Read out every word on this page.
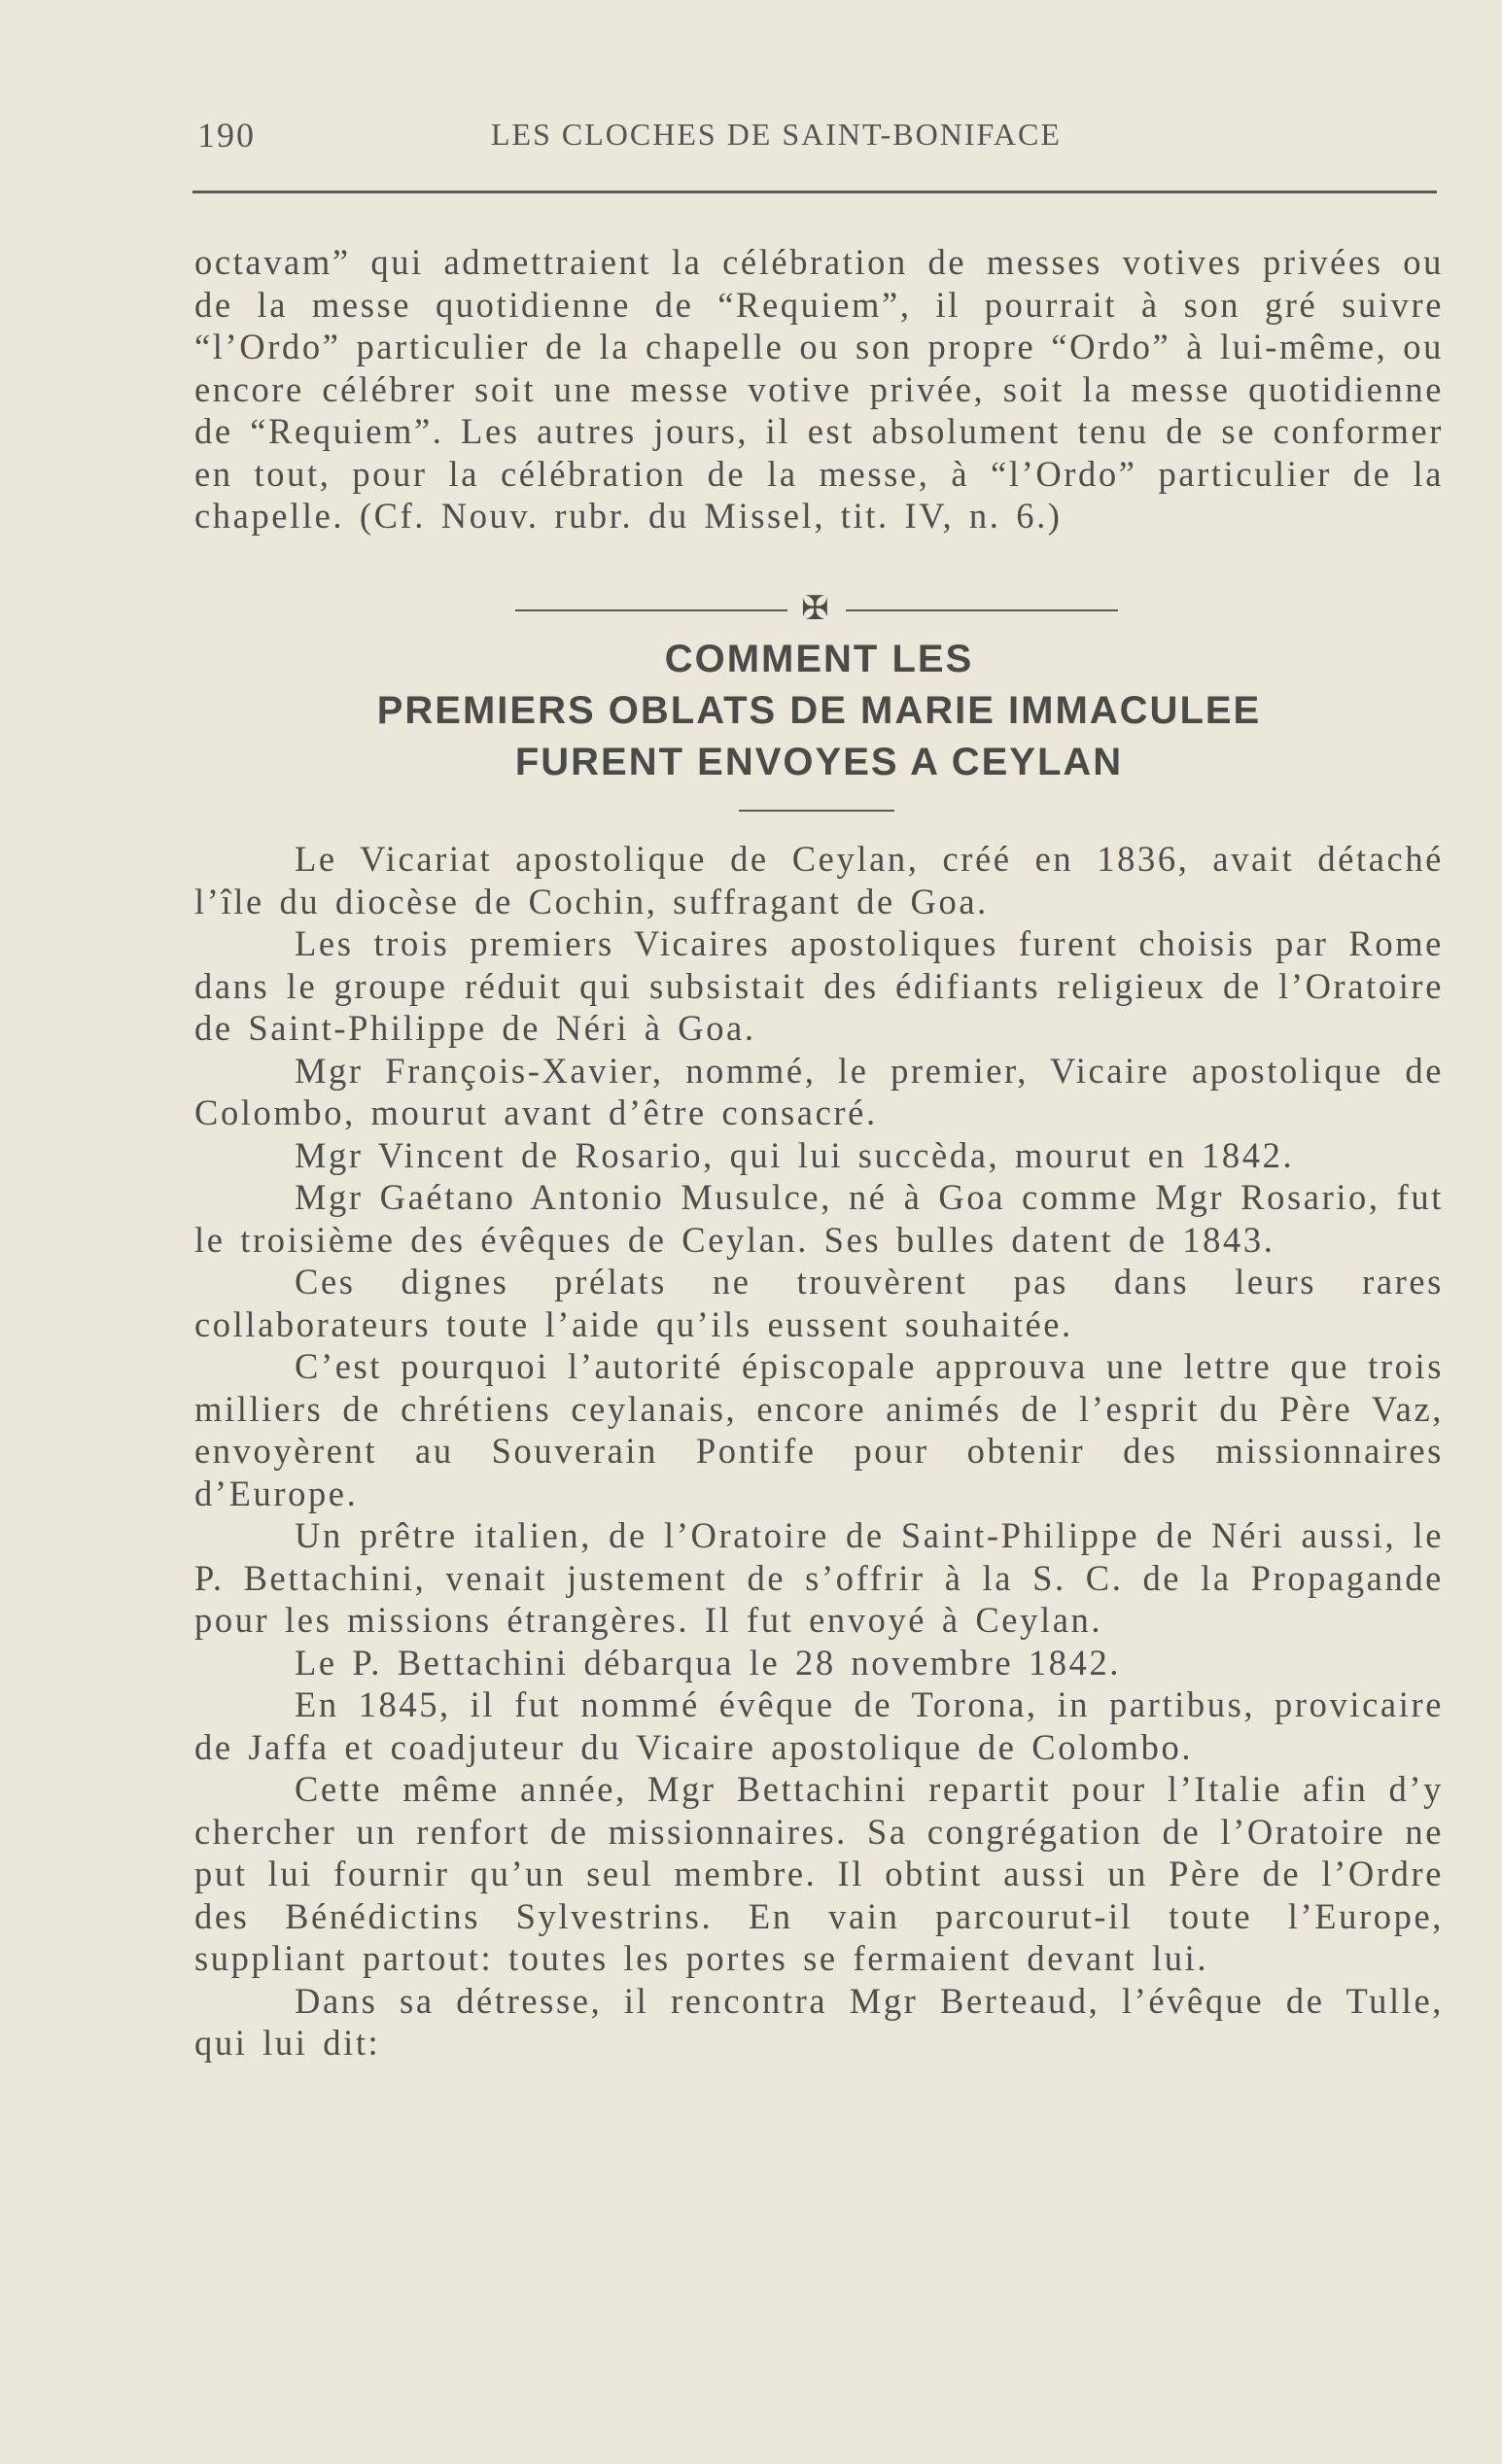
190	LES CLOCHES DE SAINT-BONIFACE

octavam” qui admettraient la célébration de messes votives privées ou de la messe quotidienne de “Requiem”, il pourrait à son gré suivre “l’Ordo” particulier de la chapelle ou son propre “Ordo” à lui-même, ou encore célébrer soit une messe votive privée, soit la messe quotidienne de “Requiem”. Les autres jours, il est absolument tenu de se conformer en tout, pour la célébration de la messe, à “l’Ordo” particulier de la chapelle. (Cf. Nouv. rubr. du Missel, tit. IV, n. 6.)

✠
COMMENT LES
PREMIERS OBLATS DE MARIE IMMACULEE
FURENT ENVOYES A CEYLAN

Le Vicariat apostolique de Ceylan, créé en 1836, avait détaché l’île du diocèse de Cochin, suffragant de Goa.

Les trois premiers Vicaires apostoliques furent choisis par Rome dans le groupe réduit qui subsistait des édifiants religieux de l’Oratoire de Saint-Philippe de Néri à Goa.

Mgr François-Xavier, nommé, le premier, Vicaire apostolique de Colombo, mourut avant d’être consacré.

Mgr Vincent de Rosario, qui lui succèda, mourut en 1842.

Mgr Gaétano Antonio Musulce, né à Goa comme Mgr Rosario, fut le troisième des évêques de Ceylan. Ses bulles datent de 1843.

Ces dignes prélats ne trouvèrent pas dans leurs rares collaborateurs toute l’aide qu’ils eussent souhaitée.

C’est pourquoi l’autorité épiscopale approuva une lettre que trois milliers de chrétiens ceylanais, encore animés de l’esprit du Père Vaz, envoyèrent au Souverain Pontife pour obtenir des missionnaires d’Europe.

Un prêtre italien, de l’Oratoire de Saint-Philippe de Néri aussi, le P. Bettachini, venait justement de s’offrir à la S. C. de la Propagande pour les missions étrangères. Il fut envoyé à Ceylan.

Le P. Bettachini débarqua le 28 novembre 1842.

En 1845, il fut nommé évêque de Torona, in partibus, provicaire de Jaffa et coadjuteur du Vicaire apostolique de Colombo.

Cette même année, Mgr Bettachini repartit pour l’Italie afin d’y chercher un renfort de missionnaires. Sa congrégation de l’Oratoire ne put lui fournir qu’un seul membre. Il obtint aussi un Père de l’Ordre des Bénédictins Sylvestrins. En vain parcourut-il toute l’Europe, suppliant partout: toutes les portes se fermaient devant lui.

Dans sa détresse, il rencontra Mgr Berteaud, l’évêque de Tulle, qui lui dit:
